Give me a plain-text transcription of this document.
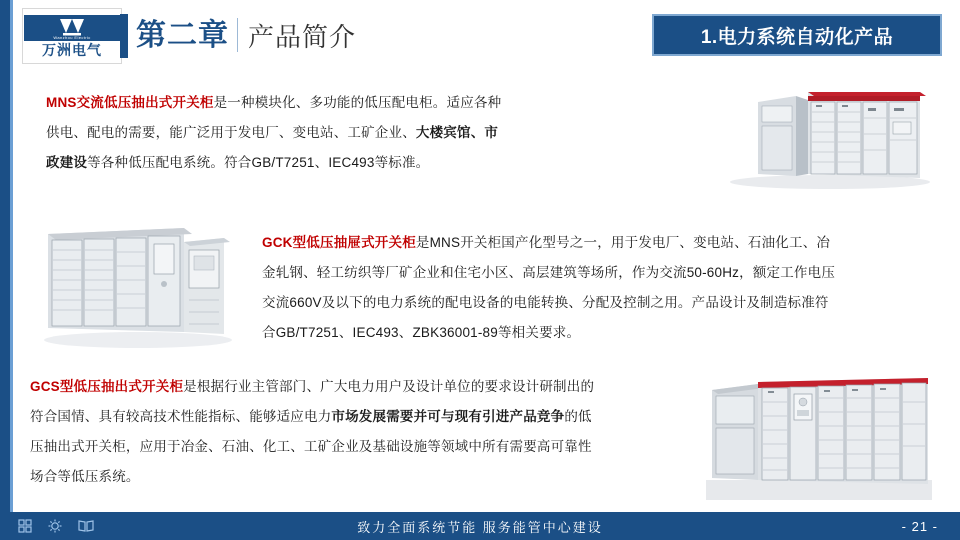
Wanzhou Electric
万洲电气 第二章 产品简介	1.电力系统自动化产品
MNS交流低压抽出式开关柜是一种模块化、多功能的低压配电柜。适应各种供电、配电的需要，能广泛用于发电厂、变电站、工矿企业、大楼宾馆、市政建设等各种低压配电系统。符合GB/T7251、IEC493等标准。
GCK型低压抽屉式开关柜是MNS开关柜国产化型号之一，用于发电厂、变电站、石油化工、冶金轧钢、轻工纺织等厂矿企业和住宅小区、高层建筑等场所，作为交流50-60Hz，额定工作电压交流660V及以下的电力系统的配电设备的电能转换、分配及控制之用。产品设计及制造标准符合GB/T7251、IEC493、ZBK36001-89等相关要求。
GCS型低压抽出式开关柜是根据行业主管部门、广大电力用户及设计单位的要求设计研制出的符合国情、具有较高技术性能指标、能够适应电力市场发展需要并可与现有引进产品竞争的低压抽出式开关柜，应用于冶金、石油、化工、工矿企业及基础设施等领域中所有需要高可靠性场合等低压系统。
致力全面系统节能 服务能管中心建设	- 21 -
